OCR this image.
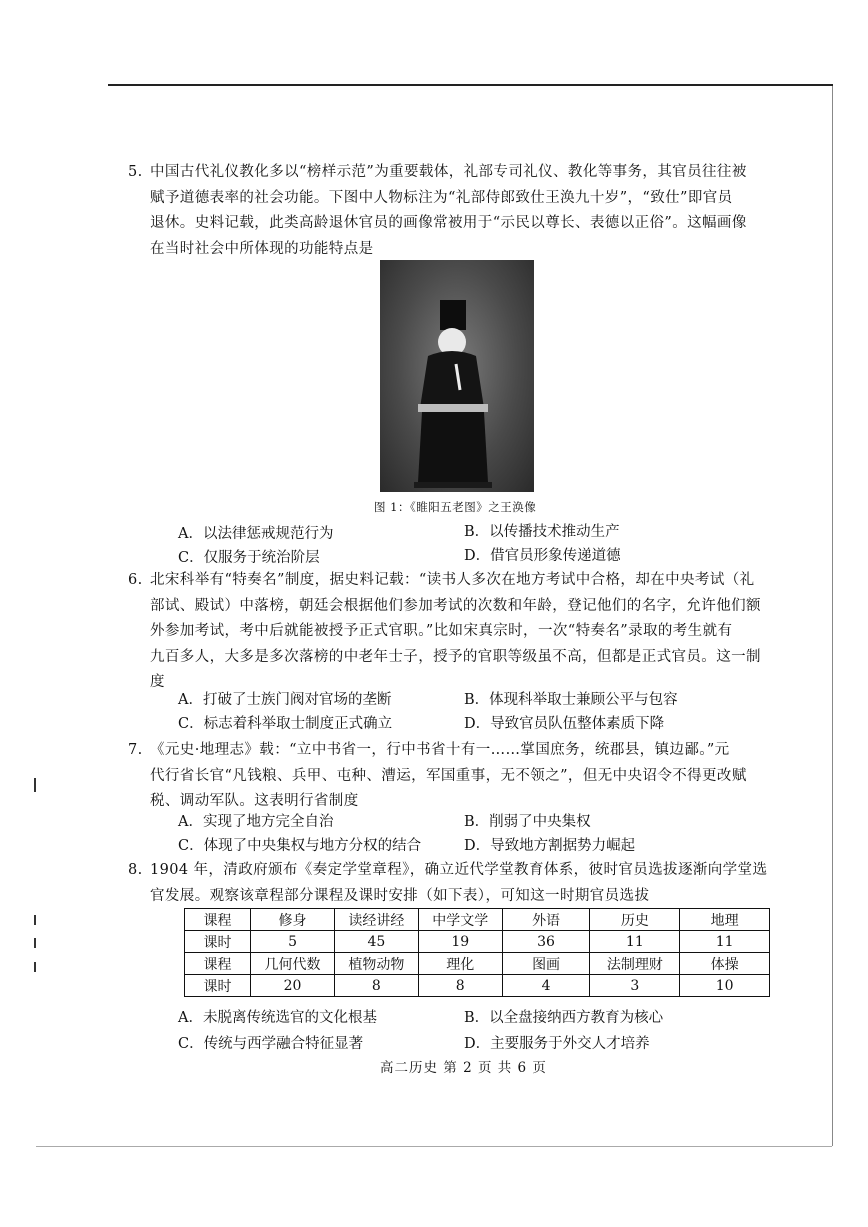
5. 中国古代礼仪教化多以“榜样示范”为重要载体，礼部专司礼仪、教化等事务，其官员往往被
赋予道德表率的社会功能。下图中人物标注为“礼部侍郎致仕王涣九十岁”，“致仕”即官员
退休。史料记载，此类高龄退休官员的画像常被用于“示民以尊长、表德以正俗”。这幅画像
在当时社会中所体现的功能特点是
图 1：《睢阳五老图》之王涣像
A．以法律惩戒规范行为	B．以传播技术推动生产
C．仅服务于统治阶层	D．借官员形象传递道德
6. 北宋科举有“特奏名”制度，据史料记载：“读书人多次在地方考试中合格，却在中央考试（礼
部试、殿试）中落榜，朝廷会根据他们参加考试的次数和年龄，登记他们的名字，允许他们额
外参加考试，考中后就能被授予正式官职。”比如宋真宗时，一次“特奏名”录取的考生就有
九百多人，大多是多次落榜的中老年士子，授予的官职等级虽不高，但都是正式官员。这一制
度
A．打破了士族门阀对官场的垄断	B．体现科举取士兼顾公平与包容
C．标志着科举取士制度正式确立	D．导致官员队伍整体素质下降
7. 《元史·地理志》载：“立中书省一，行中书省十有一……掌国庶务，统郡县，镇边鄙。”元
代行省长官“凡钱粮、兵甲、屯种、漕运，军国重事，无不领之”，但无中央诏令不得更改赋
税、调动军队。这表明行省制度
A．实现了地方完全自治	B．削弱了中央集权
C．体现了中央集权与地方分权的结合	D．导致地方割据势力崛起
8. 1904 年，清政府颁布《奏定学堂章程》，确立近代学堂教育体系，彼时官员选拔逐渐向学堂选
官发展。观察该章程部分课程及课时安排（如下表），可知这一时期官员选拔
课程	修身	读经讲经	中学文学	外语	历史	地理
课时	5	45	19	36	11	11
课程	几何代数	植物动物	理化	图画	法制理财	体操
课时	20	8	8	4	3	10
A．未脱离传统选官的文化根基	B．以全盘接纳西方教育为核心
C．传统与西学融合特征显著	D．主要服务于外交人才培养
高二历史 第 2 页 共 6 页
